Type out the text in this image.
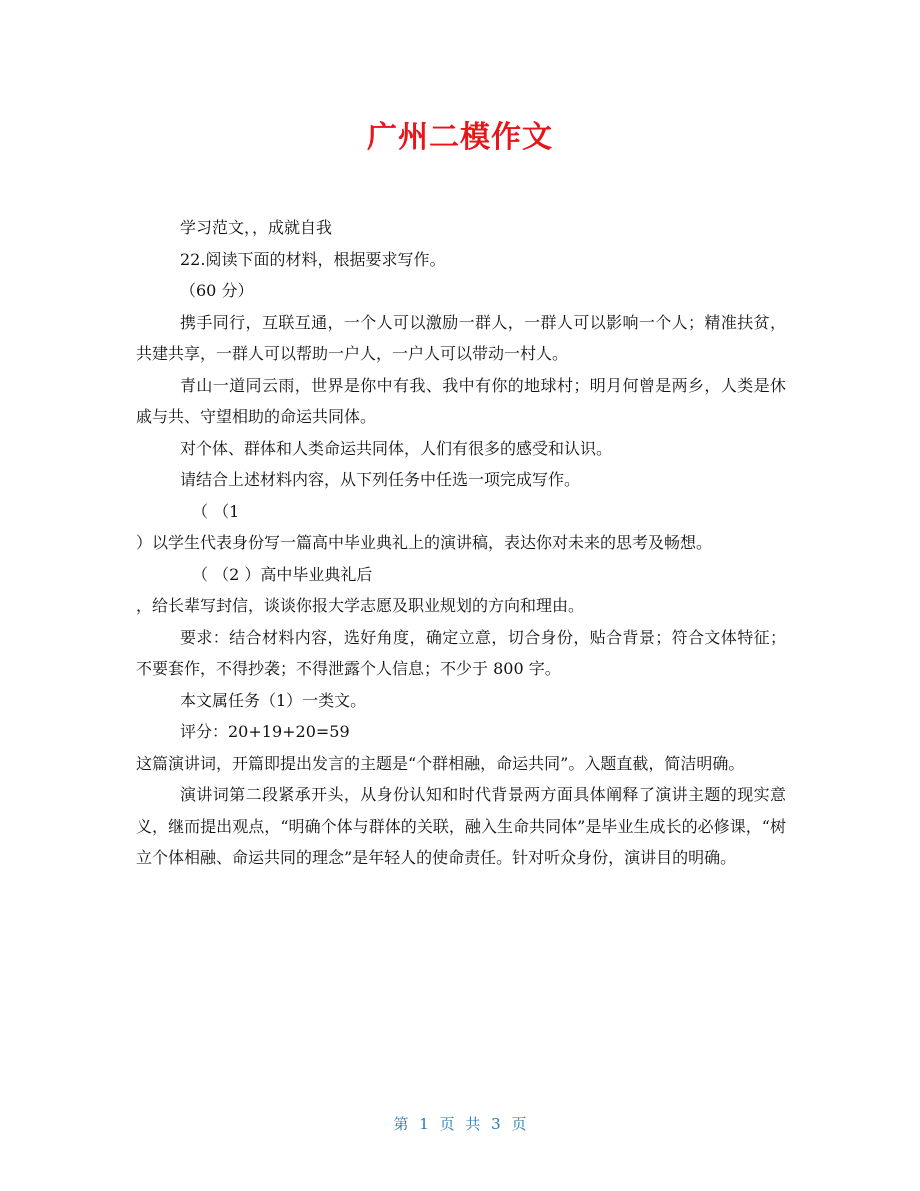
广州二模作文

学习范文，，成就自我

22.阅读下面的材料，根据要求写作。

（60 分）

携手同行，互联互通，一个人可以激励一群人，一群人可以影响一个人；精准扶贫，共建共享，一群人可以帮助一户人，一户人可以带动一村人。

青山一道同云雨，世界是你中有我、我中有你的地球村；明月何曾是两乡，人类是休戚与共、守望相助的命运共同体。

对个体、群体和人类命运共同体，人们有很多的感受和认识。

请结合上述材料内容，从下列任务中任选一项完成写作。

（ （1

）以学生代表身份写一篇高中毕业典礼上的演讲稿，表达你对未来的思考及畅想。

（ （2 ）高中毕业典礼后

，给长辈写封信，谈谈你报大学志愿及职业规划的方向和理由。

要求：结合材料内容，选好角度，确定立意，切合身份，贴合背景；符合文体特征；不要套作，不得抄袭；不得泄露个人信息；不少于 800 字。

本文属任务（1）一类文。

评分：20+19+20=59

这篇演讲词，开篇即提出发言的主题是“个群相融，命运共同”。入题直截，简洁明确。

演讲词第二段紧承开头，从身份认知和时代背景两方面具体阐释了演讲主题的现实意义，继而提出观点，“明确个体与群体的关联，融入生命共同体”是毕业生成长的必修课，“树立个体相融、命运共同的理念”是年轻人的使命责任。针对听众身份，演讲目的明确。

第 1 页 共 3 页
